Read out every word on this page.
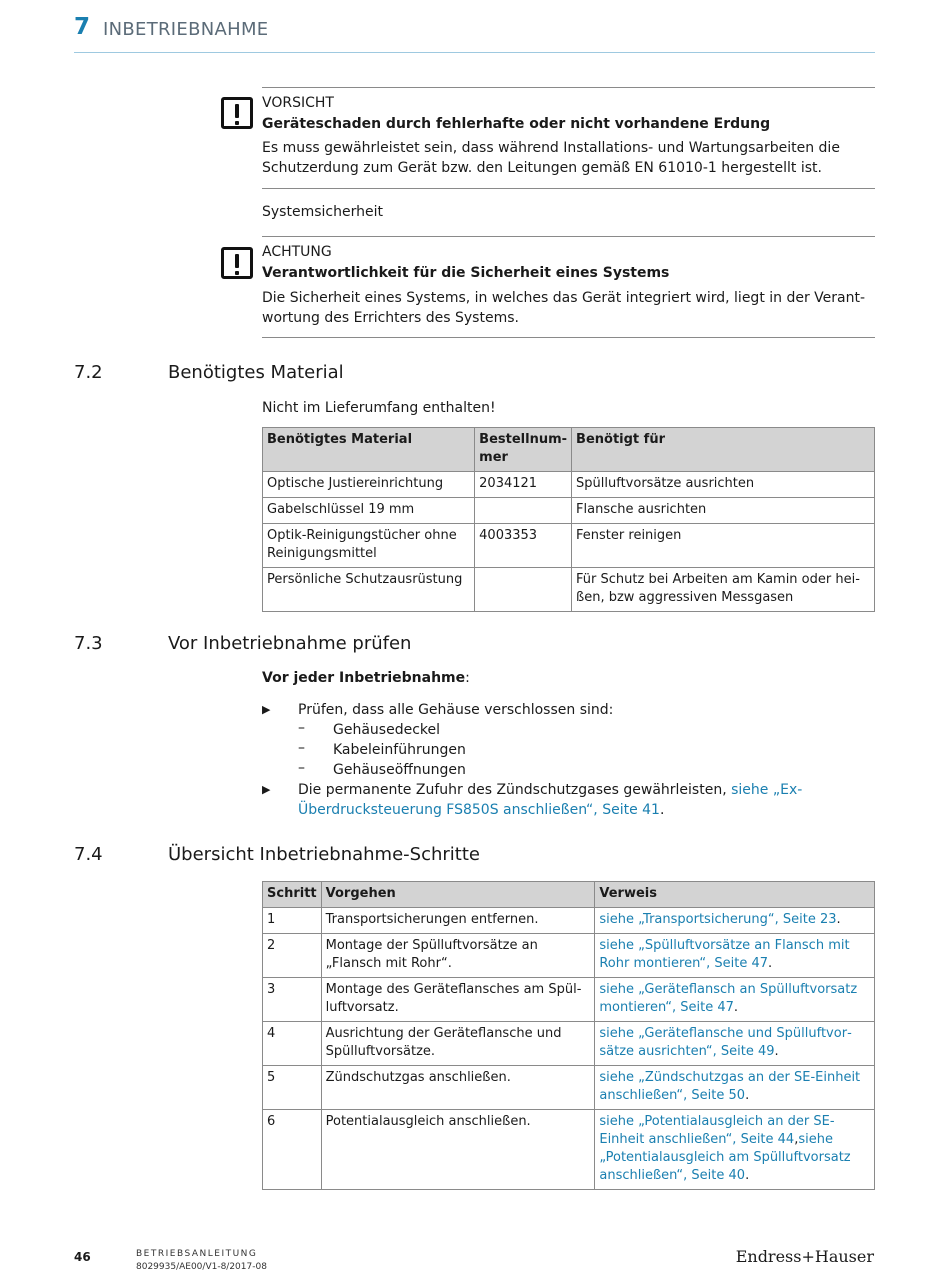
7 INBETRIEBNAHME
VORSICHT
Geräteschaden durch fehlerhafte oder nicht vorhandene Erdung
Es muss gewährleistet sein, dass während Installations- und Wartungsarbeiten die Schutzerdung zum Gerät bzw. den Leitungen gemäß EN 61010-1 hergestellt ist.
Systemsicherheit
ACHTUNG
Verantwortlichkeit für die Sicherheit eines Systems
Die Sicherheit eines Systems, in welches das Gerät integriert wird, liegt in der Verantwortung des Errichters des Systems.
7.2	Benötigtes Material
Nicht im Lieferumfang enthalten!
Benötigtes Material	Bestellnummer	Benötigt für
Optische Justiereinrichtung	2034121	Spülluftvorsätze ausrichten
Gabelschlüssel 19 mm		Flansche ausrichten
Optik-Reinigungstücher ohne Reinigungsmittel	4003353	Fenster reinigen
Persönliche Schutzausrüstung		Für Schutz bei Arbeiten am Kamin oder heißen, bzw aggressiven Messgasen
7.3	Vor Inbetriebnahme prüfen
Vor jeder Inbetriebnahme:
▶ Prüfen, dass alle Gehäuse verschlossen sind:
– Gehäusedeckel
– Kabeleinführungen
– Gehäuseöffnungen
▶ Die permanente Zufuhr des Zündschutzgases gewährleisten, siehe „Ex-Überdrucksteuerung FS850S anschließen“, Seite 41.
7.4	Übersicht Inbetriebnahme-Schritte
Schritt	Vorgehen	Verweis
1	Transportsicherungen entfernen.	siehe „Transportsicherung“, Seite 23.
2	Montage der Spülluftvorsätze an „Flansch mit Rohr“.	siehe „Spülluftvorsätze an Flansch mit Rohr montieren“, Seite 47.
3	Montage des Geräteflansches am Spülluftvorsatz.	siehe „Geräteflansch an Spülluftvorsatz montieren“, Seite 47.
4	Ausrichtung der Geräteflansche und Spülluftvorsätze.	siehe „Geräteflansche und Spülluftvorsätze ausrichten“, Seite 49.
5	Zündschutzgas anschließen.	siehe „Zündschutzgas an der SE-Einheit anschließen“, Seite 50.
6	Potentialausgleich anschließen.	siehe „Potentialausgleich an der SE-Einheit anschließen“, Seite 44,siehe „Potentialausgleich am Spülluftvorsatz anschließen“, Seite 40.
46	BETRIEBSANLEITUNG
8029935/AE00/V1-8/2017-08
Endress+Hauser
